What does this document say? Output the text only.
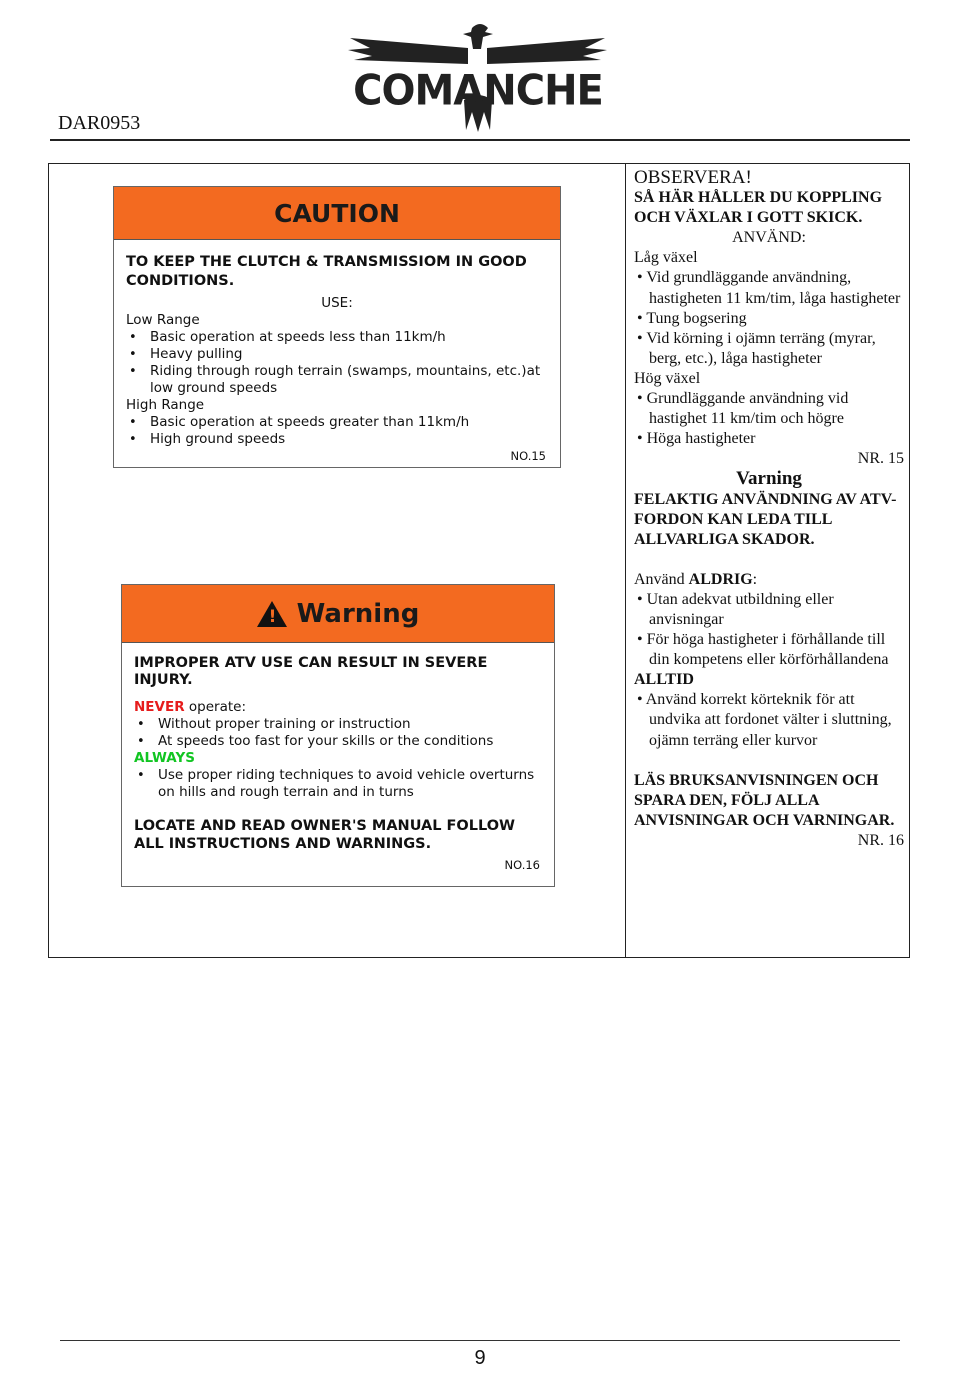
DAR0953
COMANCHE
CAUTION
TO KEEP THE CLUTCH & TRANSMISSIOM IN GOOD CONDITIONS.
USE:
Low Range
• Basic operation at speeds less than 11km/h
• Heavy pulling
• Riding through rough terrain (swamps, mountains, etc.)at low ground speeds
High Range
• Basic operation at speeds greater than 11km/h
• High ground speeds
NO.15
!
Warning
IMPROPER ATV USE CAN RESULT IN SEVERE INJURY.
NEVER operate:
• Without proper training or instruction
• At speeds too fast for your skills or the conditions
ALWAYS
• Use proper riding techniques to avoid vehicle overturns on hills and rough terrain and in turns
LOCATE AND READ OWNER'S MANUAL FOLLOW ALL INSTRUCTIONS AND WARNINGS.
NO.16

OBSERVERA!

SÅ HÄR HÅLLER DU KOPPLING OCH VÄXLAR I GOTT SKICK.

ANVÄND:

Låg växel

• Vid grundläggande användning, hastigheten 11 km/tim, låga hastigheter

• Tung bogsering

• Vid körning i ojämn terräng (myrar, berg, etc.), låga hastigheter

Hög växel

• Grundläggande användning vid hastighet 11 km/tim och högre

• Höga hastigheter

NR. 15

Varning

FELAKTIG ANVÄNDNING AV ATV-FORDON KAN LEDA TILL ALLVARLIGA SKADOR.

Använd ALDRIG:

• Utan adekvat utbildning eller anvisningar

• För höga hastigheter i förhållande till din kompetens eller körförhållandena

ALLTID

• Använd korrekt körteknik för att undvika att fordonet välter i sluttning, ojämn terräng eller kurvor

LÄS BRUKSANVISNINGEN OCH SPARA DEN, FÖLJ ALLA ANVISNINGAR OCH VARNINGAR.

NR. 16

9
